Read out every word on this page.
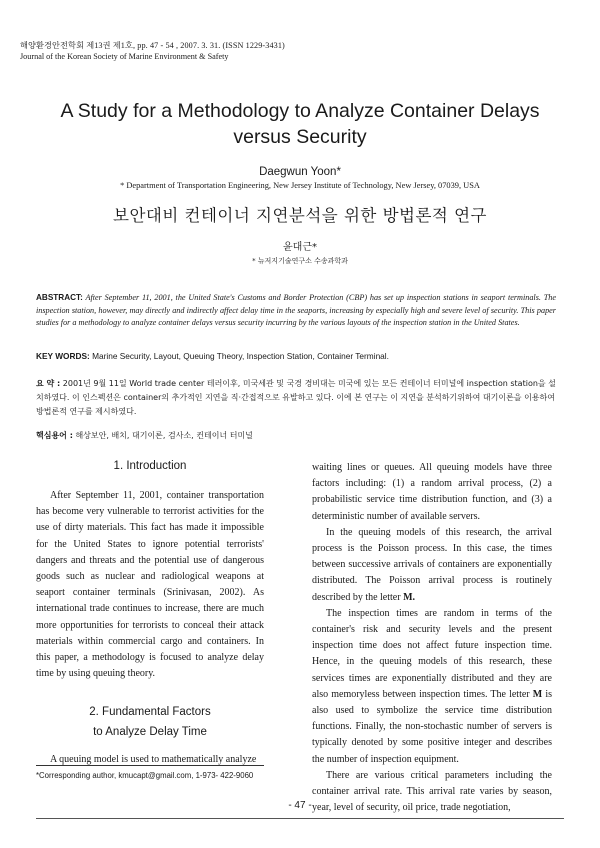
해양환경안전학회 제13권 제1호, pp. 47 - 54 , 2007. 3. 31. (ISSN 1229-3431)
Journal of the Korean Society of Marine Environment & Safety
A Study for a Methodology to Analyze Container Delays
versus Security
Daegwun Yoon*
* Department of Transportation Engineering, New Jersey Institute of Technology, New Jersey, 07039, USA
보안대비 컨테이너 지연분석을 위한 방법론적 연구
윤대근*
* 뉴저지기술연구소 수송과학과
ABSTRACT: After September 11, 2001, the United State's Customs and Border Protection (CBP) has set up inspection stations in seaport terminals. The inspection station, however, may directly and indirectly affect delay time in the seaports, increasing by especially high and severe level of security. This paper studies for a methodology to analyze container delays versus security incurring by the various layouts of the inspection station in the United States.
KEY WORDS: Marine Security, Layout, Queuing Theory, Inspection Station, Container Terminal.
요 약 : 2001년 9월 11일 World trade center 테러이후, 미국세관 및 국경 경비대는 미국에 있는 모든 컨테이너 터미널에 inspection station을 설치하였다. 이 인스펙션은 container의 추가적인 지연을 직·간접적으로 유발하고 있다. 이에 본 연구는 이 지연을 분석하기위하여 대기이론을 이용하여 방법론적 연구를 제시하였다.
핵심용어 : 해상보안, 배치, 대기이론, 검사소, 컨테이너 터미널
1. Introduction

After September 11, 2001, container transportation has become very vulnerable to terrorist activities for the use of dirty materials. This fact has made it impossible for the United States to ignore potential terrorists' dangers and threats and the potential use of dangerous goods such as nuclear and radiological weapons at seaport container terminals (Srinivasan, 2002). As international trade continues to increase, there are much more opportunities for terrorists to conceal their attack materials within commercial cargo and containers. In this paper, a methodology is focused to analyze delay time by using queuing theory.

2. Fundamental Factors
to Analyze Delay Time

A queuing model is used to mathematically analyze

waiting lines or queues. All queuing models have three factors including: (1) a random arrival process, (2) a probabilistic service time distribution function, and (3) a deterministic number of available servers.

In the queuing models of this research, the arrival process is the Poisson process. In this case, the times between successive arrivals of containers are exponentially distributed. The Poisson arrival process is routinely described by the letter M.

The inspection times are random in terms of the container's risk and security levels and the present inspection time does not affect future inspection time. Hence, in the queuing models of this research, these services times are exponentially distributed and they are also memoryless between inspection times. The letter M is also used to symbolize the service time distribution functions. Finally, the non-stochastic number of servers is typically denoted by some positive integer and describes the number of inspection equipment.

There are various critical parameters including the container arrival rate. This arrival rate varies by season, year, level of security, oil price, trade negotiation,

*Corresponding author, kmucapt@gmail.com, 1-973- 422-9060
- 47 -
